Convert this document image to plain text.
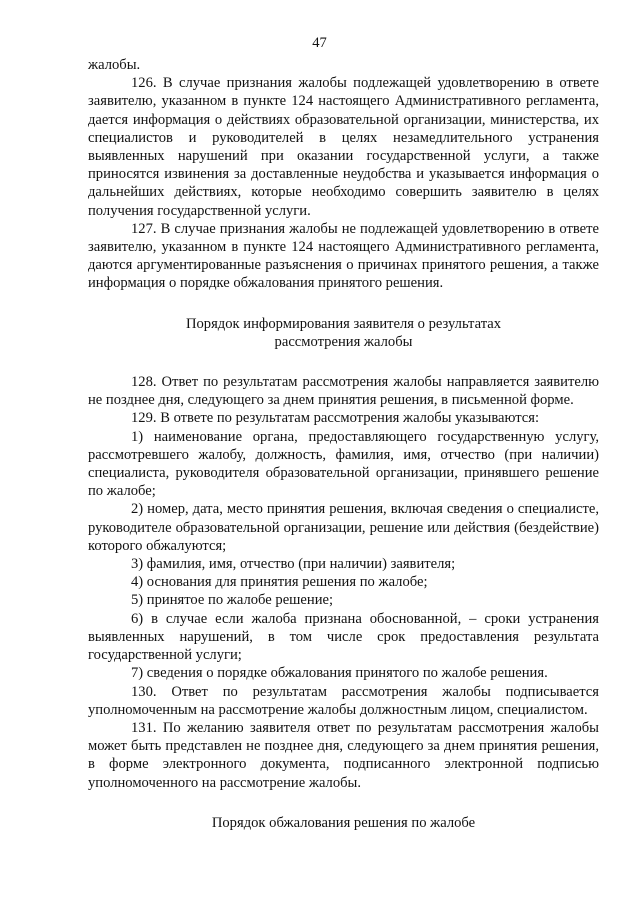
47

жалобы.

126. В случае признания жалобы подлежащей удовлетворению в ответе заявителю, указанном в пункте 124 настоящего Административного регламента, дается информация о действиях образовательной организации, министерства, их специалистов и руководителей в целях незамедлительного устранения выявленных нарушений при оказании государственной услуги, а также приносятся извинения за доставленные неудобства и указывается информация о дальнейших действиях, которые необходимо совершить заявителю в целях получения государственной услуги.

127. В случае признания жалобы не подлежащей удовлетворению в ответе заявителю, указанном в пункте 124 настоящего Административного регламента, даются аргументированные разъяснения о причинах принятого решения, а также информация о порядке обжалования принятого решения.

Порядок информирования заявителя о результатах

рассмотрения жалобы

128. Ответ по результатам рассмотрения жалобы направляется заявителю не позднее дня, следующего за днем принятия решения, в письменной форме.

129. В ответе по результатам рассмотрения жалобы указываются:

1) наименование органа, предоставляющего государственную услугу, рассмотревшего жалобу, должность, фамилия, имя, отчество (при наличии) специалиста, руководителя образовательной организации, принявшего решение по жалобе;

2) номер, дата, место принятия решения, включая сведения о специалисте, руководителе образовательной организации, решение или действия (бездействие) которого обжалуются;

3) фамилия, имя, отчество (при наличии) заявителя;

4) основания для принятия решения по жалобе;

5) принятое по жалобе решение;

6) в случае если жалоба признана обоснованной, – сроки устранения выявленных нарушений, в том числе срок предоставления результата государственной услуги;

7) сведения о порядке обжалования принятого по жалобе решения.

130. Ответ по результатам рассмотрения жалобы подписывается уполномоченным на рассмотрение жалобы должностным лицом, специалистом.

131. По желанию заявителя ответ по результатам рассмотрения жалобы может быть представлен не позднее дня, следующего за днем принятия решения, в форме электронного документа, подписанного электронной подписью уполномоченного на рассмотрение жалобы.

Порядок обжалования решения по жалобе
